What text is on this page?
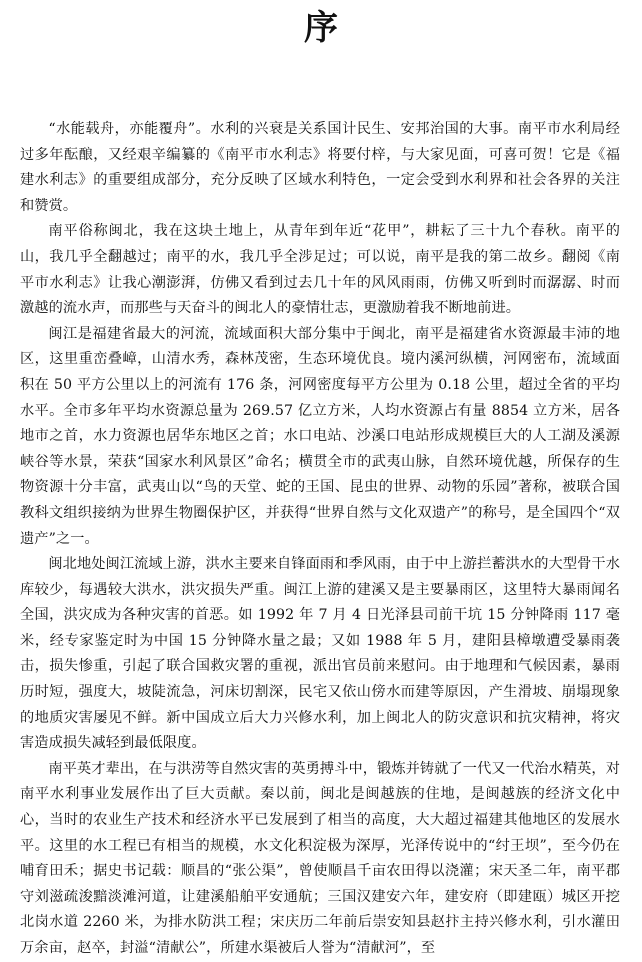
序

“水能载舟，亦能覆舟”。水利的兴衰是关系国计民生、安邦治国的大事。南平市水利局经过多年酝酿，又经艰辛编纂的《南平市水利志》将要付梓，与大家见面，可喜可贺！它是《福建水利志》的重要组成部分，充分反映了区域水利特色，一定会受到水利界和社会各界的关注和赞赏。

南平俗称闽北，我在这块土地上，从青年到年近“花甲”，耕耘了三十九个春秋。南平的山，我几乎全翻越过；南平的水，我几乎全涉足过；可以说，南平是我的第二故乡。翻阅《南平市水利志》让我心潮澎湃，仿佛又看到过去几十年的风风雨雨，仿佛又听到时而潺潺、时而激越的流水声，而那些与天奋斗的闽北人的豪情壮志，更激励着我不断地前进。

闽江是福建省最大的河流，流域面积大部分集中于闽北，南平是福建省水资源最丰沛的地区，这里重峦叠嶂，山清水秀，森林茂密，生态环境优良。境内溪河纵横，河网密布，流域面积在 50 平方公里以上的河流有 176 条，河网密度每平方公里为 0.18 公里，超过全省的平均水平。全市多年平均水资源总量为 269.57 亿立方米，人均水资源占有量 8854 立方米，居各地市之首，水力资源也居华东地区之首；水口电站、沙溪口电站形成规模巨大的人工湖及溪源峡谷等水景，荣获“国家水利风景区”命名；横贯全市的武夷山脉，自然环境优越，所保存的生物资源十分丰富，武夷山以“鸟的天堂、蛇的王国、昆虫的世界、动物的乐园”著称，被联合国教科文组织接纳为世界生物圈保护区，并获得“世界自然与文化双遗产”的称号，是全国四个“双遗产”之一。

闽北地处闽江流域上游，洪水主要来自锋面雨和季风雨，由于中上游拦蓄洪水的大型骨干水库较少，每遇较大洪水，洪灾损失严重。闽江上游的建溪又是主要暴雨区，这里特大暴雨闻名全国，洪灾成为各种灾害的首恶。如 1992 年 7 月 4 日光泽县司前干坑 15 分钟降雨 117 毫米，经专家鉴定时为中国 15 分钟降水量之最；又如 1988 年 5 月，建阳县樟墩遭受暴雨袭击，损失惨重，引起了联合国救灾署的重视，派出官员前来慰问。由于地理和气候因素，暴雨历时短，强度大，坡陡流急，河床切割深，民宅又依山傍水而建等原因，产生滑坡、崩塌现象的地质灾害屡见不鲜。新中国成立后大力兴修水利，加上闽北人的防灾意识和抗灾精神，将灾害造成损失减轻到最低限度。

南平英才辈出，在与洪涝等自然灾害的英勇搏斗中，锻炼并铸就了一代又一代治水精英，对南平水利事业发展作出了巨大贡献。秦以前，闽北是闽越族的住地，是闽越族的经济文化中心，当时的农业生产技术和经济水平已发展到了相当的高度，大大超过福建其他地区的发展水平。这里的水工程已有相当的规模，水文化积淀极为深厚，光泽传说中的“纣王坝”，至今仍在哺育田禾；据史书记载：顺昌的“张公渠”，曾使顺昌千亩农田得以浇灌；宋天圣二年，南平郡守刘滋疏浚黯淡滩河道，让建溪船舶平安通航；三国汉建安六年，建安府（即建瓯）城区开挖北岗水道 2260 米，为排水防洪工程；宋庆历二年前后崇安知县赵抃主持兴修水利，引水灌田万余亩，赵卒，封溢“清献公”，所建水渠被后人誉为“清献河”，至
